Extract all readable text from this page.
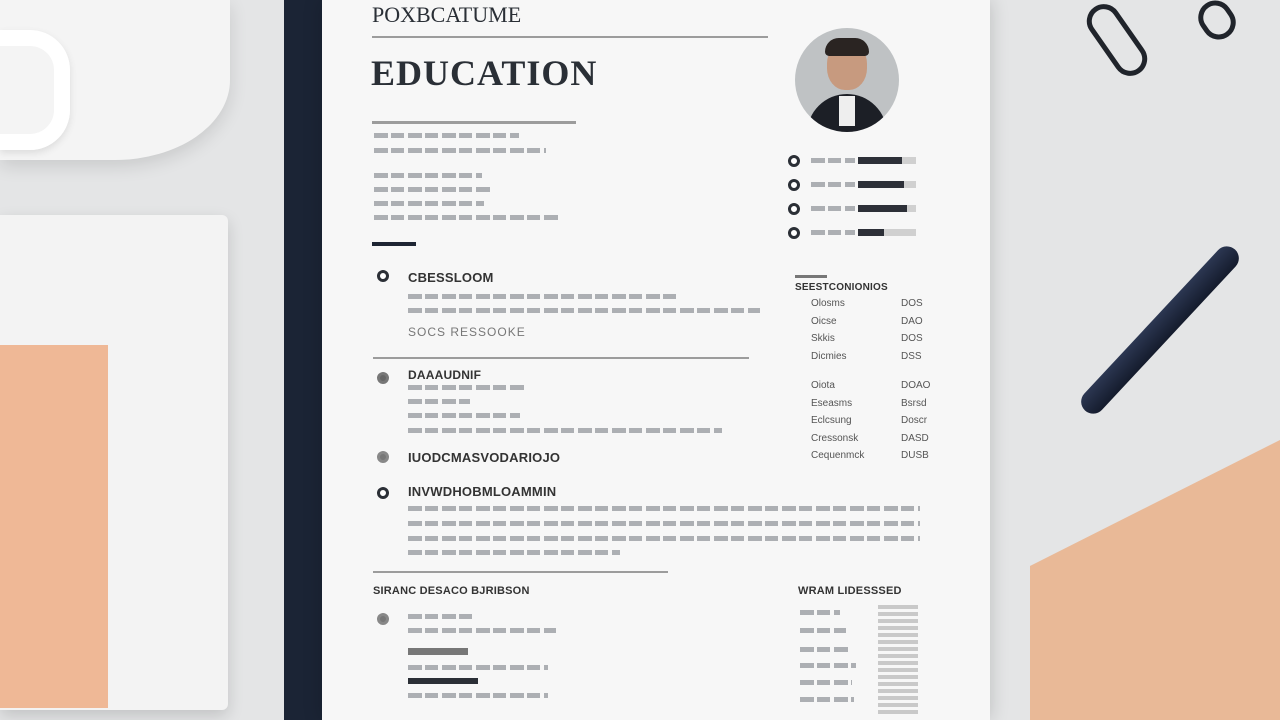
POXBCATUME
EDUCATION
CBESSLOOM
SOCS RESSOOKE
DAAAUDNIF
IUODCMASVODARIOJO
INVWDHOBMLOAMMIN
SEESTCONIONIOS
Olosms	DOS
Oicse	DAO
Skkis	DOS
Dicmies	DSS
Oiota	DOAO
Eseasms	Bsrsd
Eclcsung	Doscr
Cressonsk	DASD
Cequenmck	DUSB
SIRANC DESACO BJRIBSON	WRAM LIDESSSED
